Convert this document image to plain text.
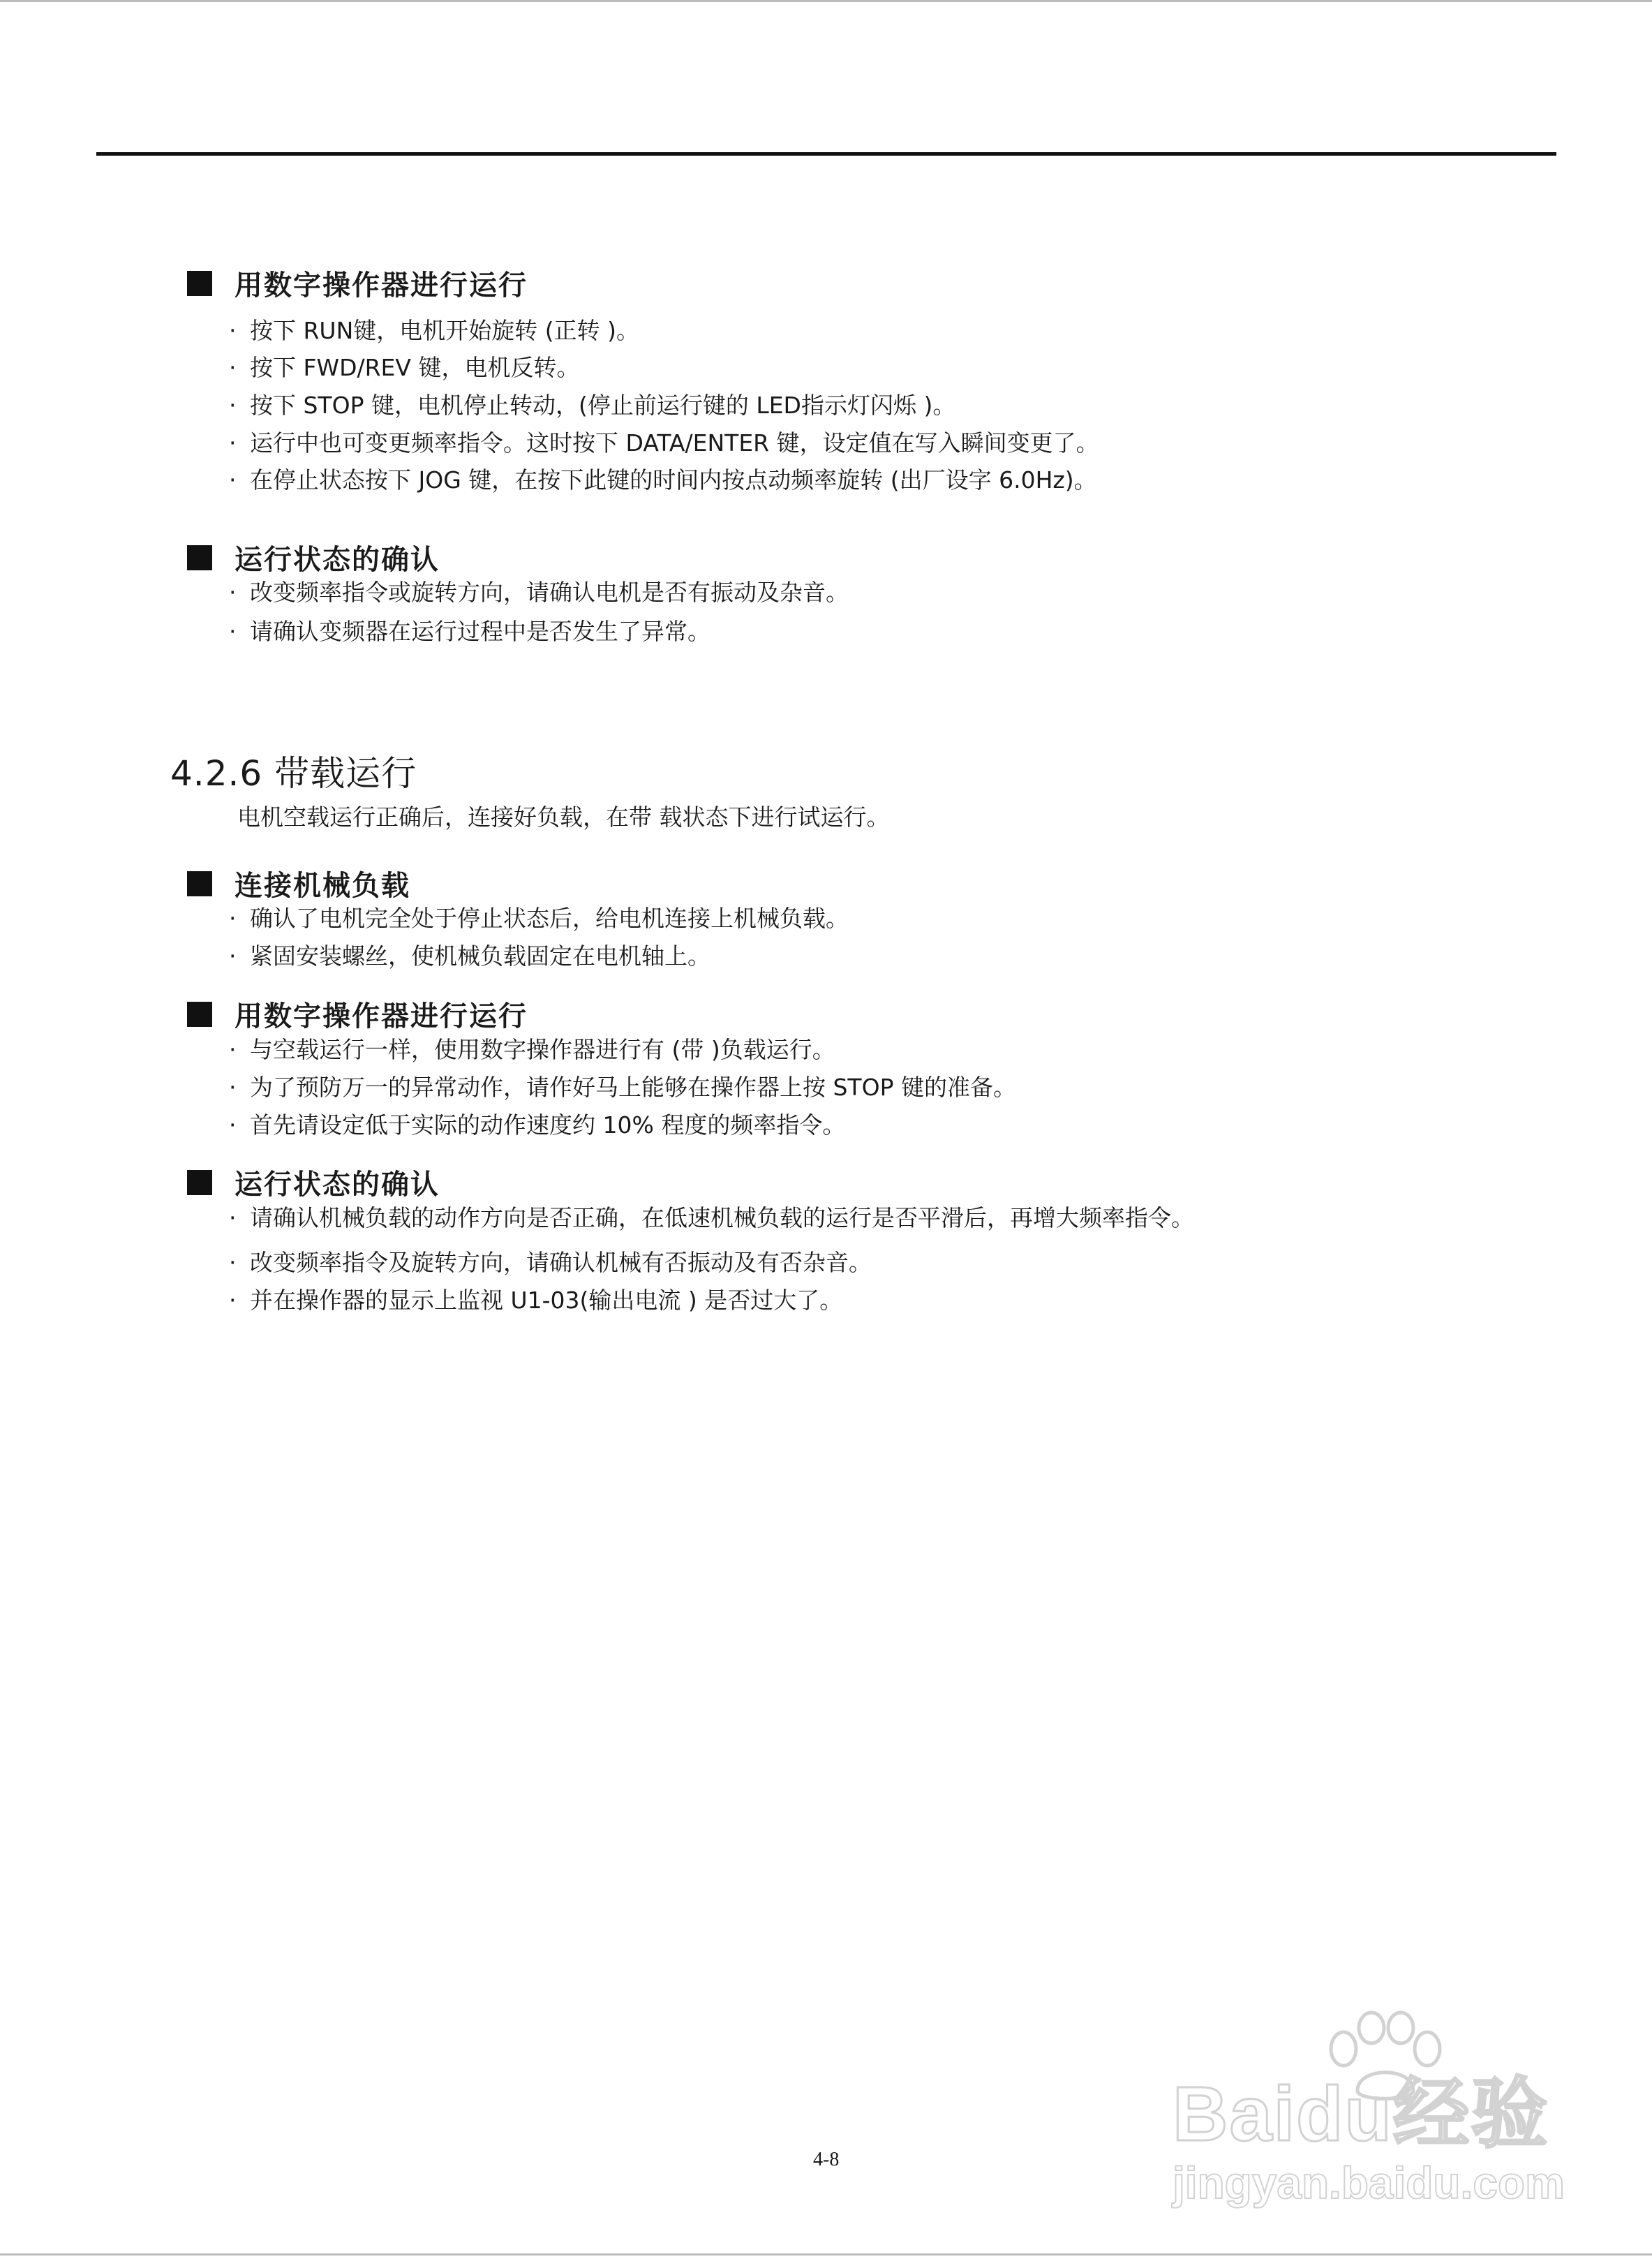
用数字操作器进行运行
· 按下 RUN键，电机开始旋转 (正转 )。
· 按下 FWD/REV 键，电机反转。
· 按下 STOP 键，电机停止转动，(停止前运行键的 LED指示灯闪烁 )。
· 运行中也可变更频率指令。这时按下 DATA/ENTER 键，设定值在写入瞬间变更了。
· 在停止状态按下 JOG 键，在按下此键的时间内按点动频率旋转 (出厂设字 6.0Hz)。
运行状态的确认
· 改变频率指令或旋转方向，请确认电机是否有振动及杂音。
· 请确认变频器在运行过程中是否发生了异常。
4.2.6 带载运行
电机空载运行正确后，连接好负载，在带 载状态下进行试运行。
连接机械负载
· 确认了电机完全处于停止状态后，给电机连接上机械负载。
· 紧固安装螺丝，使机械负载固定在电机轴上。
用数字操作器进行运行
· 与空载运行一样，使用数字操作器进行有 (带 )负载运行。
· 为了预防万一的异常动作，请作好马上能够在操作器上按 STOP 键的准备。
· 首先请设定低于实际的动作速度约 10% 程度的频率指令。
运行状态的确认
· 请确认机械负载的动作方向是否正确，在低速机械负载的运行是否平滑后，再增大频率指令。
· 改变频率指令及旋转方向，请确认机械有否振动及有否杂音。
· 并在操作器的显示上监视 U1-03(输出电流 ) 是否过大了。
4-8
Baidu经验
jingyan.baidu.com
